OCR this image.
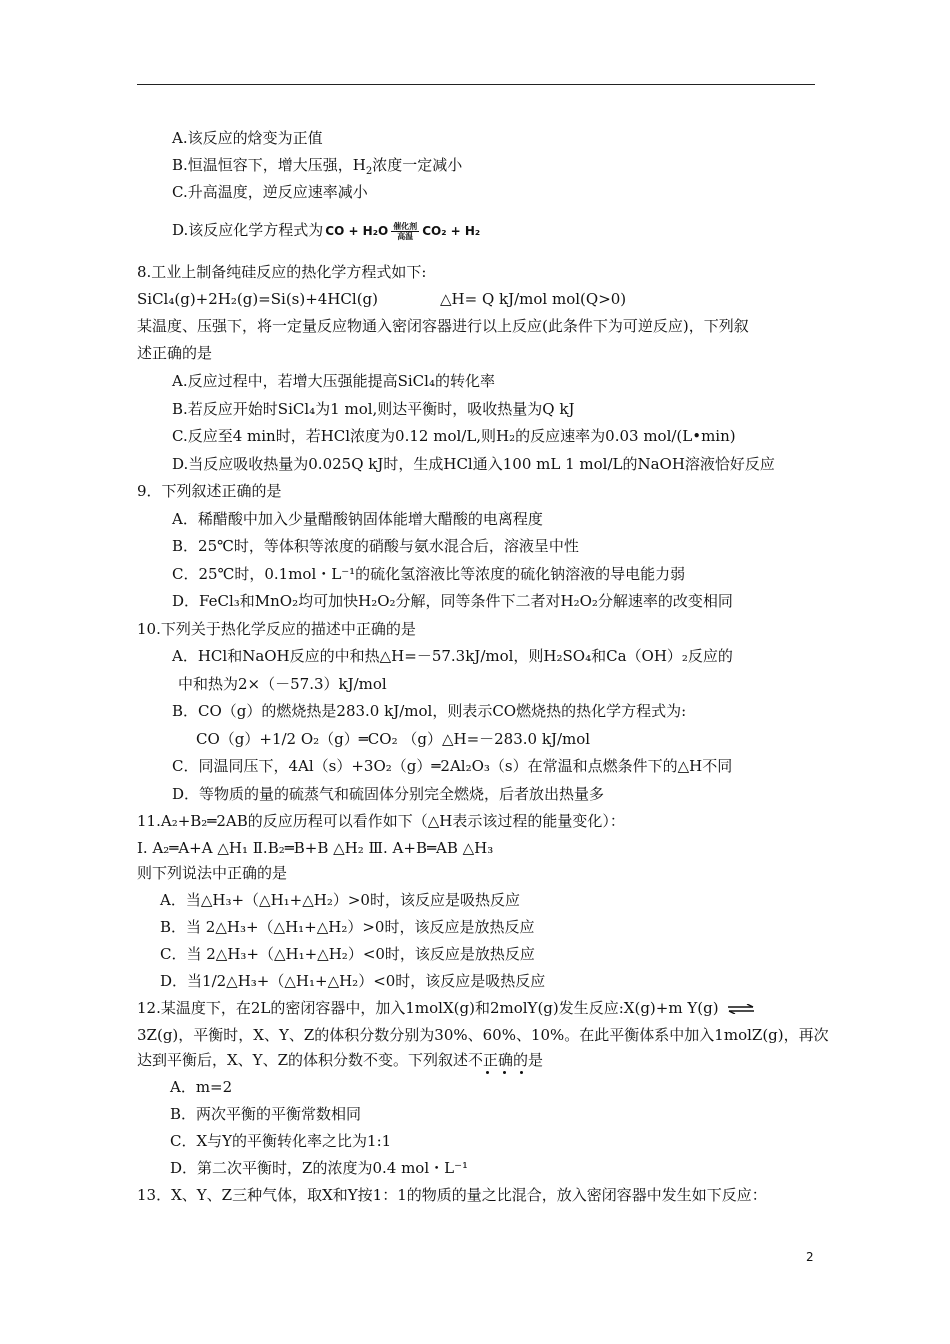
A.该反应的焓变为正值
B.恒温恒容下，增大压强，$H_2$浓度一定减小
C.升高温度，逆反应速率减小
D.该反应化学方程式为 CO + $H_2O \frac{\text{催化剂}}{\text{高温}} CO_2 + H_2$
8.工业上制备纯硅反应的热化学方程式如下:
SiCl₄(g)+2H₂(g)=Si(s)+4HCl(g)	△H= Q kJ/mol mol(Q>0)
某温度、压强下，将一定量反应物通入密闭容器进行以上反应(此条件下为可逆反应)，下列叙
述正确的是
A.反应过程中，若增大压强能提高SiCl₄的转化率
B.若反应开始时SiCl₄为1 mol,则达平衡时，吸收热量为Q kJ
C.反应至4 min时，若HCl浓度为0.12 mol/L,则H₂的反应速率为0.03 mol/(L•min)
D.当反应吸收热量为0.025Q kJ时，生成HCl通入100 mL 1 mol/L的NaOH溶液恰好反应
9．下列叙述正确的是
A．稀醋酸中加入少量醋酸钠固体能增大醋酸的电离程度
B．25℃时，等体积等浓度的硝酸与氨水混合后，溶液呈中性
C．25℃时，0.1mol・L⁻¹的硫化氢溶液比等浓度的硫化钠溶液的导电能力弱
D．FeCl₃和MnO₂均可加快H₂O₂分解，同等条件下二者对H₂O₂分解速率的改变相同
10.下列关于热化学反应的描述中正确的是
A．HCl和NaOH反应的中和热△H=－57.3kJ/mol，则H₂SO₄和Ca（OH）₂反应的
中和热为2×（－57.3）kJ/mol
B．CO（g）的燃烧热是283.0 kJ/mol，则表示CO燃烧热的热化学方程式为:
CO（g）+1/2 O₂（g）═CO₂ （g）△H=－283.0 kJ/mol
C．同温同压下，4Al（s）+3O₂（g）═2Al₂O₃（s）在常温和点燃条件下的△H不同
D．等物质的量的硫蒸气和硫固体分别完全燃烧，后者放出热量多
11.A₂+B₂═2AB的反应历程可以看作如下（△H表示该过程的能量变化）：
Ⅰ. A₂═A+A △H₁ Ⅱ.B₂═B+B △H₂ Ⅲ. A+B═AB △H₃
则下列说法中正确的是
A．当△H₃+（△H₁+△H₂）>0时，该反应是吸热反应
B．当 2△H₃+（△H₁+△H₂）>0时，该反应是放热反应
C．当 2△H₃+（△H₁+△H₂）<0时，该反应是放热反应
D．当1/2△H₃+（△H₁+△H₂）<0时，该反应是吸热反应
12.某温度下，在2L的密闭容器中，加入1molX(g)和2molY(g)发生反应:X(g)+m Y(g) ⇌
3Z(g)，平衡时，X、Y、Z的体积分数分别为30%、60%、10%。在此平衡体系中加入1molZ(g)，再次
达到平衡后，X、Y、Z的体积分数不变。下列叙述不正确的是
A．m=2
B．两次平衡的平衡常数相同
C．X与Y的平衡转化率之比为1:1
D．第二次平衡时，Z的浓度为0.4 mol・L⁻¹
13．X、Y、Z三种气体，取X和Y按1：1的物质的量之比混合，放入密闭容器中发生如下反应：
2
